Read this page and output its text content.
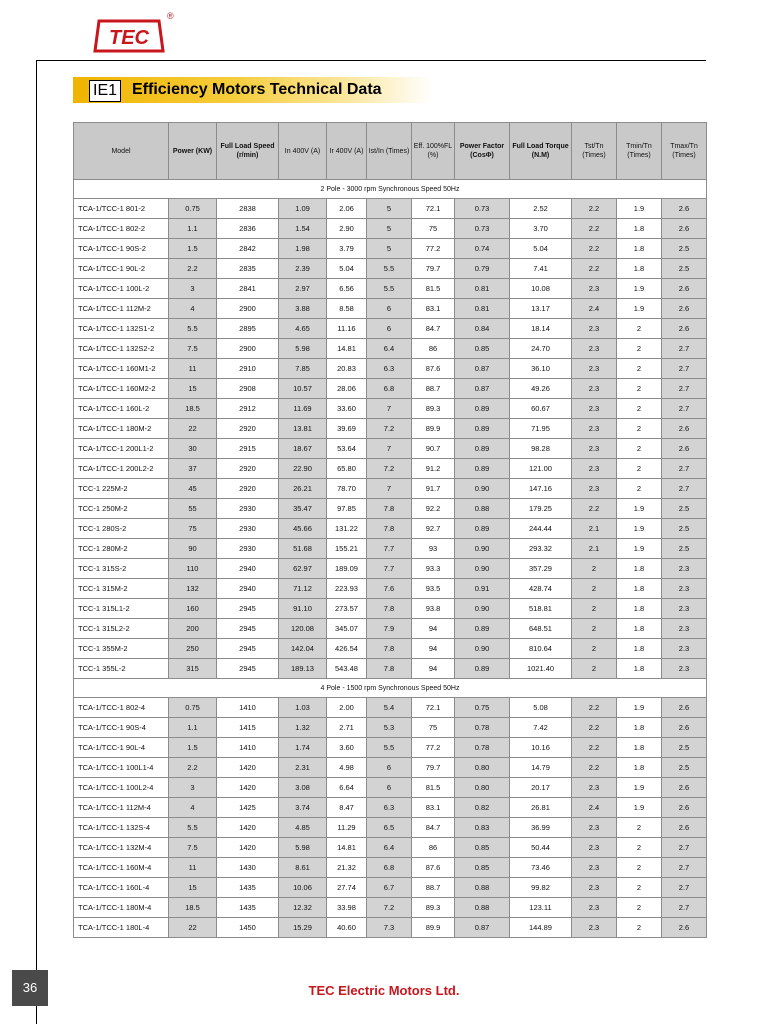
TEC
®
IE1 Efficiency Motors Technical Data
Model	Power (KW)	Full Load Speed (r/min)	In 400V (A)	Ir 400V (A)	Ist/In (Times)	Eff. 100%FL (%)	Power Factor (CosΦ)	Full Load Torque (N.M)	Tst/Tn (Times)	Tmin/Tn (Times)	Tmax/Tn (Times)
2 Pole - 3000 rpm Synchronous Speed 50Hz											
TCA-1/TCC-1 801-2	0.75	2838	1.09	2.06	5	72.1	0.73	2.52	2.2	1.9	2.6
TCA-1/TCC-1 802-2	1.1	2836	1.54	2.90	5	75	0.73	3.70	2.2	1.8	2.6
TCA-1/TCC-1 90S-2	1.5	2842	1.98	3.79	5	77.2	0.74	5.04	2.2	1.8	2.5
TCA-1/TCC-1 90L-2	2.2	2835	2.39	5.04	5.5	79.7	0.79	7.41	2.2	1.8	2.5
TCA-1/TCC-1 100L-2	3	2841	2.97	6.56	5.5	81.5	0.81	10.08	2.3	1.9	2.6
TCA-1/TCC-1 112M-2	4	2900	3.88	8.58	6	83.1	0.81	13.17	2.4	1.9	2.6
TCA-1/TCC-1 132S1-2	5.5	2895	4.65	11.16	6	84.7	0.84	18.14	2.3	2	2.6
TCA-1/TCC-1 132S2-2	7.5	2900	5.98	14.81	6.4	86	0.85	24.70	2.3	2	2.7
TCA-1/TCC-1 160M1-2	11	2910	7.85	20.83	6.3	87.6	0.87	36.10	2.3	2	2.7
TCA-1/TCC-1 160M2-2	15	2908	10.57	28.06	6.8	88.7	0.87	49.26	2.3	2	2.7
TCA-1/TCC-1 160L-2	18.5	2912	11.69	33.60	7	89.3	0.89	60.67	2.3	2	2.7
TCA-1/TCC-1 180M-2	22	2920	13.81	39.69	7.2	89.9	0.89	71.95	2.3	2	2.6
TCA-1/TCC-1 200L1-2	30	2915	18.67	53.64	7	90.7	0.89	98.28	2.3	2	2.6
TCA-1/TCC-1 200L2-2	37	2920	22.90	65.80	7.2	91.2	0.89	121.00	2.3	2	2.7
TCC-1 225M-2	45	2920	26.21	78.70	7	91.7	0.90	147.16	2.3	2	2.7
TCC-1 250M-2	55	2930	35.47	97.85	7.8	92.2	0.88	179.25	2.2	1.9	2.5
TCC-1 280S-2	75	2930	45.66	131.22	7.8	92.7	0.89	244.44	2.1	1.9	2.5
TCC-1 280M-2	90	2930	51.68	155.21	7.7	93	0.90	293.32	2.1	1.9	2.5
TCC-1 315S-2	110	2940	62.97	189.09	7.7	93.3	0.90	357.29	2	1.8	2.3
TCC-1 315M-2	132	2940	71.12	223.93	7.6	93.5	0.91	428.74	2	1.8	2.3
TCC-1 315L1-2	160	2945	91.10	273.57	7.8	93.8	0.90	518.81	2	1.8	2.3
TCC-1 315L2-2	200	2945	120.08	345.07	7.9	94	0.89	648.51	2	1.8	2.3
TCC-1 355M-2	250	2945	142.04	426.54	7.8	94	0.90	810.64	2	1.8	2.3
TCC-1 355L-2	315	2945	189.13	543.48	7.8	94	0.89	1021.40	2	1.8	2.3
4 Pole - 1500 rpm Synchronous Speed 50Hz											
TCA-1/TCC-1 802-4	0.75	1410	1.03	2.00	5.4	72.1	0.75	5.08	2.2	1.9	2.6
TCA-1/TCC-1 90S-4	1.1	1415	1.32	2.71	5.3	75	0.78	7.42	2.2	1.8	2.6
TCA-1/TCC-1 90L-4	1.5	1410	1.74	3.60	5.5	77.2	0.78	10.16	2.2	1.8	2.5
TCA-1/TCC-1 100L1-4	2.2	1420	2.31	4.98	6	79.7	0.80	14.79	2.2	1.8	2.5
TCA-1/TCC-1 100L2-4	3	1420	3.08	6.64	6	81.5	0.80	20.17	2.3	1.9	2.6
TCA-1/TCC-1 112M-4	4	1425	3.74	8.47	6.3	83.1	0.82	26.81	2.4	1.9	2.6
TCA-1/TCC-1 132S-4	5.5	1420	4.85	11.29	6.5	84.7	0.83	36.99	2.3	2	2.6
TCA-1/TCC-1 132M-4	7.5	1420	5.98	14.81	6.4	86	0.85	50.44	2.3	2	2.7
TCA-1/TCC-1 160M-4	11	1430	8.61	21.32	6.8	87.6	0.85	73.46	2.3	2	2.7
TCA-1/TCC-1 160L-4	15	1435	10.06	27.74	6.7	88.7	0.88	99.82	2.3	2	2.7
TCA-1/TCC-1 180M-4	18.5	1435	12.32	33.98	7.2	89.3	0.88	123.11	2.3	2	2.7
TCA-1/TCC-1 180L-4	22	1450	15.29	40.60	7.3	89.9	0.87	144.89	2.3	2	2.6
36	TEC Electric Motors Ltd.
